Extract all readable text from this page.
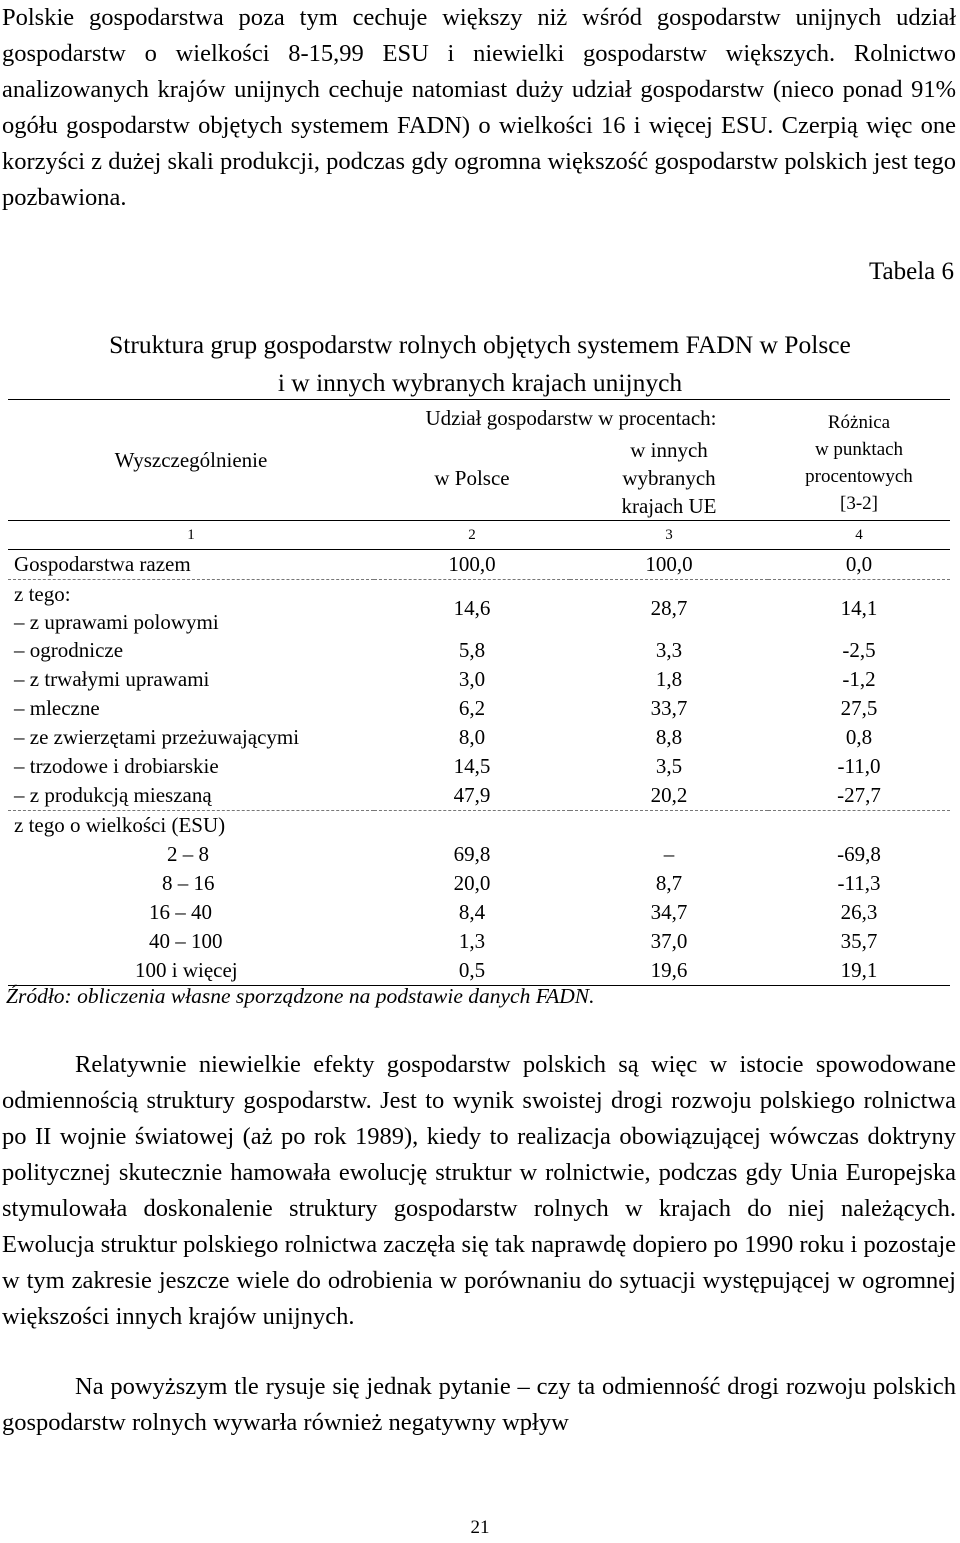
Polskie gospodarstwa poza tym cechuje większy niż wśród gospodarstw unijnych udział gospodarstw o wielkości 8-15,99 ESU i niewielki gospodarstw większych. Rolnictwo analizowanych krajów unijnych cechuje natomiast duży udział gospodarstw (nieco ponad 91% ogółu gospodarstw objętych systemem FADN) o wielkości 16 i więcej ESU. Czerpią więc one korzyści z dużej skali produkcji, podczas gdy ogromna większość gospodarstw polskich jest tego pozbawiona.

Tabela 6
Struktura grup gospodarstw rolnych objętych systemem FADN w Polsce
i w innych wybranych krajach unijnych
Wyszczególnienie	Udział gospodarstw w procentach:		Różnica
w punktach
procentowych
[3-2]

	w Polsce	w innych
wybranych
krajach UE	

1	2	3	4
Gospodarstwa razem	100,0	100,0	0,0

z tego:
– z uprawami polowymi	14,6	28,7	14,1
– ogrodnicze	5,8	3,3	-2,5
– z trwałymi uprawami	3,0	1,8	-1,2
– mleczne	6,2	33,7	27,5
– ze zwierzętami przeżuwającymi	8,0	8,8	0,8
– trzodowe i drobiarskie	14,5	3,5	-11,0
– z produkcją mieszaną	47,9	20,2	-27,7
z tego o wielkości (ESU)			
2 – 8	69,8	–	-69,8
8 – 16	20,0	8,7	-11,3
16 – 40	8,4	34,7	26,3
40 – 100	1,3	37,0	35,7
100 i więcej	0,5	19,6	19,1
Źródło: obliczenia własne sporządzone na podstawie danych FADN.

Relatywnie niewielkie efekty gospodarstw polskich są więc w istocie spowodowane odmiennością struktury gospodarstw. Jest to wynik swoistej drogi rozwoju polskiego rolnictwa po II wojnie światowej (aż po rok 1989), kiedy to realizacja obowiązującej wówczas doktryny politycznej skutecznie hamowała ewolucję struktur w rolnictwie, podczas gdy Unia Europejska stymulowała doskonalenie struktury gospodarstw rolnych w krajach do niej należących. Ewolucja struktur polskiego rolnictwa zaczęła się tak naprawdę dopiero po 1990 roku i pozostaje w tym zakresie jeszcze wiele do odrobienia w porównaniu do sytuacji występującej w ogromnej większości innych krajów unijnych.

Na powyższym tle rysuje się jednak pytanie – czy ta odmienność drogi rozwoju polskich gospodarstw rolnych wywarła również negatywny wpływ

21
